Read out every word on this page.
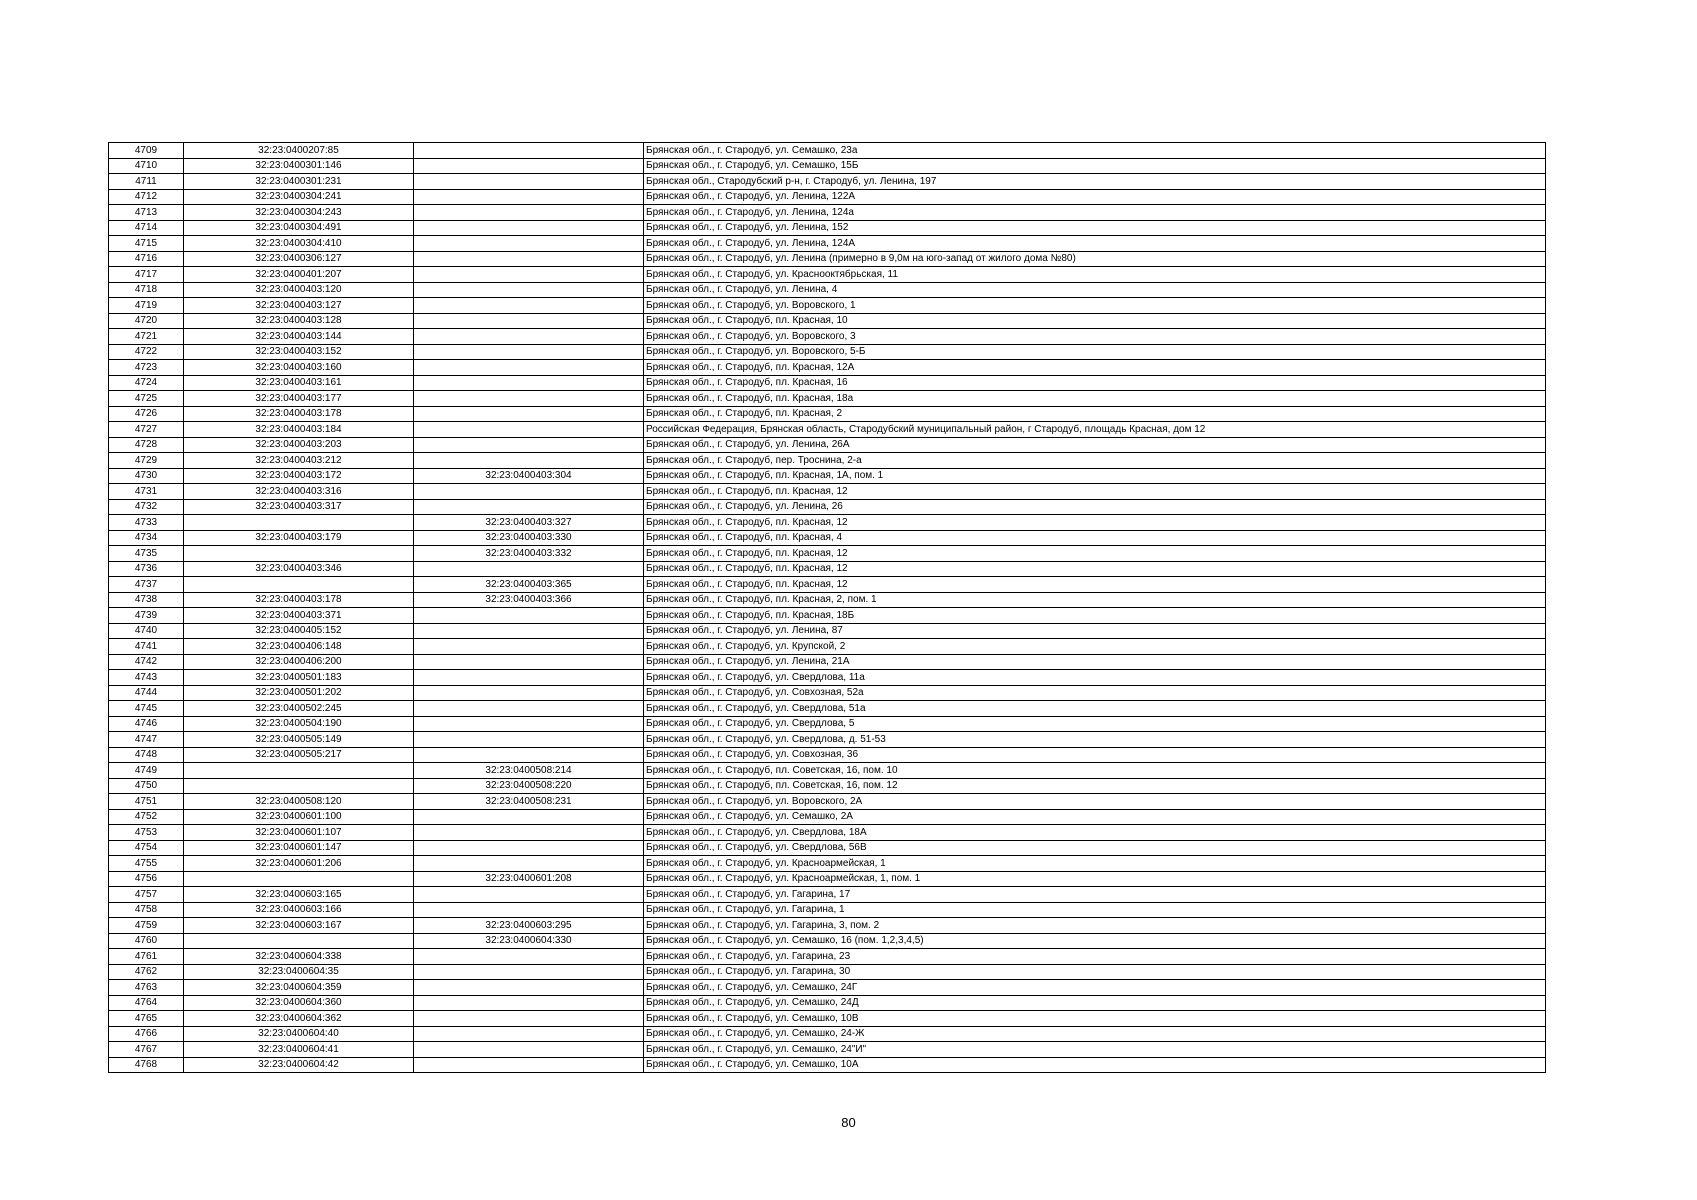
4709	32:23:0400207:85		Брянская обл., г. Стародуб, ул. Семашко, 23а
4710	32:23:0400301:146		Брянская обл., г. Стародуб, ул. Семашко, 15Б
4711	32:23:0400301:231		Брянская обл., Стародубский р-н, г. Стародуб, ул. Ленина, 197
4712	32:23:0400304:241		Брянская обл., г. Стародуб, ул. Ленина, 122А
4713	32:23:0400304:243		Брянская обл., г. Стародуб, ул. Ленина, 124а
4714	32:23:0400304:491		Брянская обл., г. Стародуб, ул. Ленина, 152
4715	32:23:0400304:410		Брянская обл., г. Стародуб, ул. Ленина, 124А
4716	32:23:0400306:127		Брянская обл., г. Стародуб, ул. Ленина (примерно в 9,0м на юго-запад от жилого дома №80)
4717	32:23:0400401:207		Брянская обл., г. Стародуб, ул. Краснооктябрьская, 11
4718	32:23:0400403:120		Брянская обл., г. Стародуб, ул. Ленина, 4
4719	32:23:0400403:127		Брянская обл., г. Стародуб, ул. Воровского, 1
4720	32:23:0400403:128		Брянская обл., г. Стародуб, пл. Красная, 10
4721	32:23:0400403:144		Брянская обл., г. Стародуб, ул. Воровского, 3
4722	32:23:0400403:152		Брянская обл., г. Стародуб, ул. Воровского, 5-Б
4723	32:23:0400403:160		Брянская обл., г. Стародуб, пл. Красная, 12А
4724	32:23:0400403:161		Брянская обл., г. Стародуб, пл. Красная, 16
4725	32:23:0400403:177		Брянская обл., г. Стародуб, пл. Красная, 18а
4726	32:23:0400403:178		Брянская обл., г. Стародуб, пл. Красная, 2
4727	32:23:0400403:184		Российская Федерация, Брянская область, Стародубский муниципальный район, г Стародуб, площадь Красная, дом 12
4728	32:23:0400403:203		Брянская обл., г. Стародуб, ул. Ленина, 26А
4729	32:23:0400403:212		Брянская обл., г. Стародуб, пер. Троснина, 2-а
4730	32:23:0400403:172	32:23:0400403:304	Брянская обл., г. Стародуб, пл. Красная, 1А, пом. 1
4731	32:23:0400403:316		Брянская обл., г. Стародуб, пл. Красная, 12
4732	32:23:0400403:317		Брянская обл., г. Стародуб, ул. Ленина, 26
4733		32:23:0400403:327	Брянская обл., г. Стародуб, пл. Красная, 12
4734	32:23:0400403:179	32:23:0400403:330	Брянская обл., г. Стародуб, пл. Красная, 4
4735		32:23:0400403:332	Брянская обл., г. Стародуб, пл. Красная, 12
4736	32:23:0400403:346		Брянская обл., г. Стародуб, пл. Красная, 12
4737		32:23:0400403:365	Брянская обл., г. Стародуб, пл. Красная, 12
4738	32:23:0400403:178	32:23:0400403:366	Брянская обл., г. Стародуб, пл. Красная, 2, пом. 1
4739	32:23:0400403:371		Брянская обл., г. Стародуб, пл. Красная, 18Б
4740	32:23:0400405:152		Брянская обл., г. Стародуб, ул. Ленина, 87
4741	32:23:0400406:148		Брянская обл., г. Стародуб, ул. Крупской, 2
4742	32:23:0400406:200		Брянская обл., г. Стародуб, ул. Ленина, 21А
4743	32:23:0400501:183		Брянская обл., г. Стародуб, ул. Свердлова, 11а
4744	32:23:0400501:202		Брянская обл., г. Стародуб, ул. Совхозная, 52а
4745	32:23:0400502:245		Брянская обл., г. Стародуб, ул. Свердлова, 51а
4746	32:23:0400504:190		Брянская обл., г. Стародуб, ул. Свердлова, 5
4747	32:23:0400505:149		Брянская обл., г. Стародуб, ул. Свердлова, д. 51-53
4748	32:23:0400505:217		Брянская обл., г. Стародуб, ул. Совхозная, 36
4749		32:23:0400508:214	Брянская обл., г. Стародуб, пл. Советская, 16, пом. 10
4750		32:23:0400508:220	Брянская обл., г. Стародуб, пл. Советская, 16, пом. 12
4751	32:23:0400508:120	32:23:0400508:231	Брянская обл., г. Стародуб, ул. Воровского, 2А
4752	32:23:0400601:100		Брянская обл., г. Стародуб, ул. Семашко, 2А
4753	32:23:0400601:107		Брянская обл., г. Стародуб, ул. Свердлова, 18А
4754	32:23:0400601:147		Брянская обл., г. Стародуб, ул. Свердлова, 56В
4755	32:23:0400601:206		Брянская обл., г. Стародуб, ул. Красноармейская, 1
4756		32:23:0400601:208	Брянская обл., г. Стародуб, ул. Красноармейская, 1, пом. 1
4757	32:23:0400603:165		Брянская обл., г. Стародуб, ул. Гагарина, 17
4758	32:23:0400603:166		Брянская обл., г. Стародуб, ул. Гагарина, 1
4759	32:23:0400603:167	32:23:0400603:295	Брянская обл., г. Стародуб, ул. Гагарина, 3, пом. 2
4760		32:23:0400604:330	Брянская обл., г. Стародуб, ул. Семашко, 16 (пом. 1,2,3,4,5)
4761	32:23:0400604:338		Брянская обл., г. Стародуб, ул. Гагарина, 23
4762	32:23:0400604:35		Брянская обл., г. Стародуб, ул. Гагарина, 30
4763	32:23:0400604:359		Брянская обл., г. Стародуб, ул. Семашко, 24Г
4764	32:23:0400604:360		Брянская обл., г. Стародуб, ул. Семашко, 24Д
4765	32:23:0400604:362		Брянская обл., г. Стародуб, ул. Семашко, 10В
4766	32:23:0400604:40		Брянская обл., г. Стародуб, ул. Семашко, 24-Ж
4767	32:23:0400604:41		Брянская обл., г. Стародуб, ул. Семашко, 24"И"
4768	32:23:0400604:42		Брянская обл., г. Стародуб, ул. Семашко, 10А
80
